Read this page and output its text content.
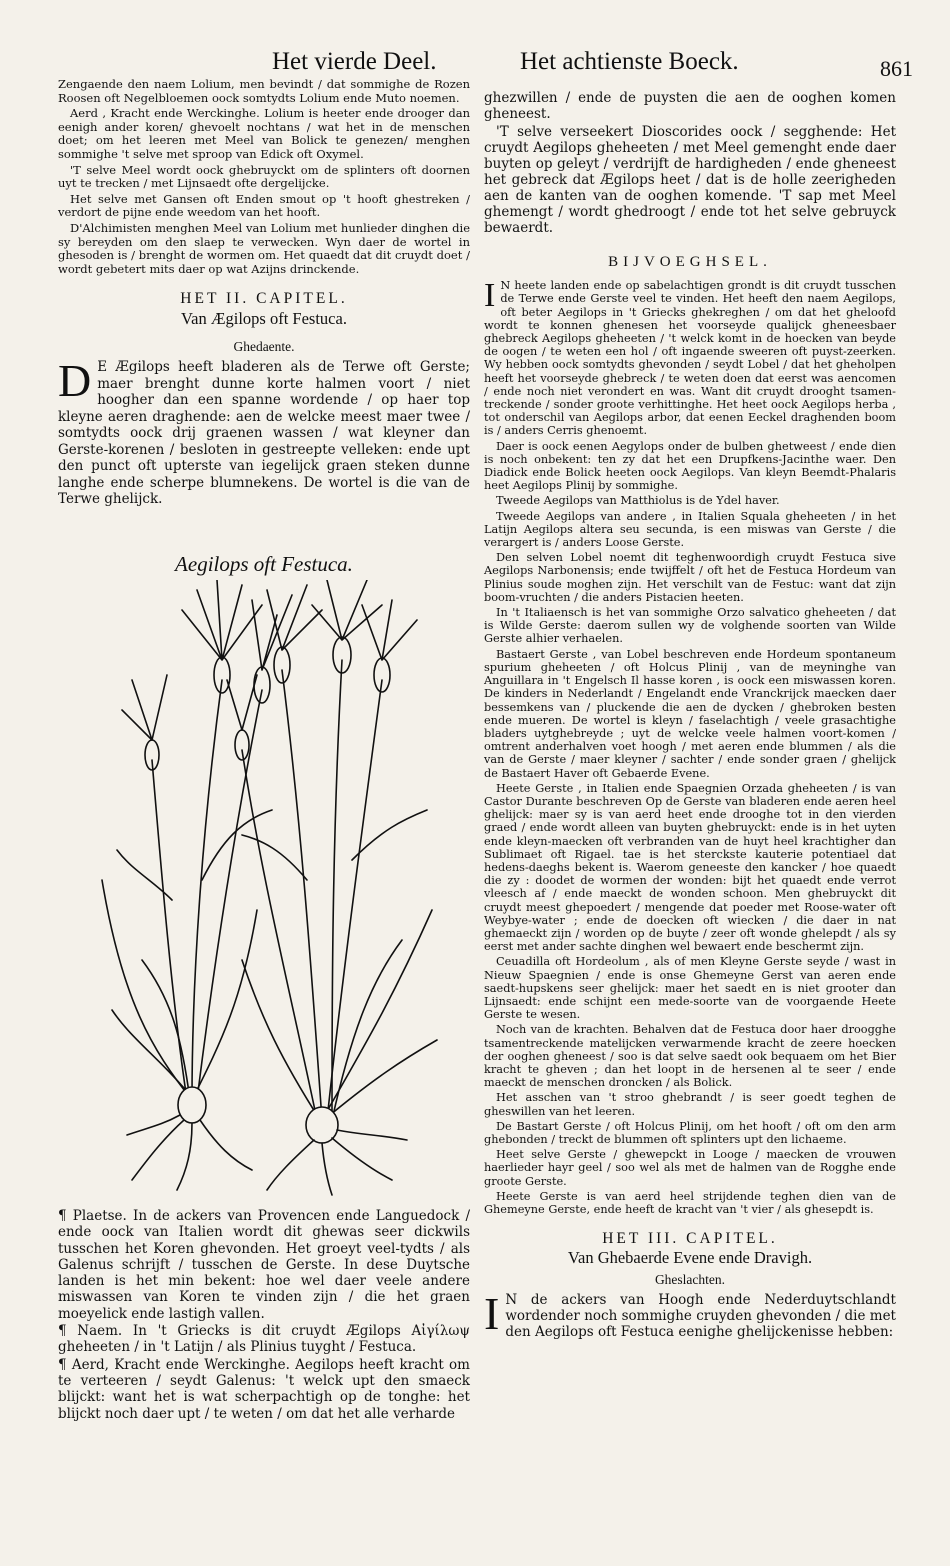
Het vierde Deel.	Het achtienste Boeck.	861

Zengaende den naem Lolium, men bevindt / dat sommighe de Rozen Roosen oft Negelbloemen oock somtydts Lolium ende Muto noemen.

Aerd , Kracht ende Werckinghe. Lolium is heeter ende drooger dan eenigh ander koren/ ghevoelt nochtans / wat het in de menschen doet; om het leeren met Meel van Bolick te genezen/ menghen sommighe 't selve met sproop van Edick oft Oxymel.

'T selve Meel wordt oock ghebruyckt om de splinters oft doornen uyt te trecken / met Lijnsaedt ofte dergelijcke.

Het selve met Gansen oft Enden smout op 't hooft ghestreken / verdort de pijne ende weedom van het hooft.

D'Alchimisten menghen Meel van Lolium met hunlieder dinghen die sy bereyden om den slaep te verwecken. Wyn daer de wortel in ghesoden is / brenght de wormen om. Het quaedt dat dit cruydt doet / wordt gebetert mits daer op wat Azijns drinckende.

HET II. CAPITEL.
Van Ægilops oft Festuca.
Ghedaente.

D E Ægilops heeft bladeren als de Terwe oft Gerste; maer brenght dunne korte halmen voort / niet hoogher dan een spanne wordende / op haer top kleyne aeren draghende: aen de welcke meest maer twee / somtydts oock drij graenen wassen / wat kleyner dan Gerste-korenen / besloten in gestreepte velleken: ende upt den punct oft upterste van iegelijck graen steken dunne langhe ende scherpe blumnekens. De wortel is die van de Terwe ghelijck.

Aegilops oft Festuca.

¶ Plaetse. In de ackers van Provencen ende Languedock / ende oock van Italien wordt dit ghewas seer dickwils tusschen het Koren ghevonden. Het groeyt veel-tydts / als Galenus schrijft / tusschen de Gerste. In dese Duytsche landen is het min bekent: hoe wel daer veele andere miswassen van Koren te vinden zijn / die het graen moeyelick ende lastigh vallen.

¶ Naem. In 't Griecks is dit cruydt Ægilops Αἰγίλωψ gheheeten / in 't Latijn / als Plinius tuyght / Festuca.

¶ Aerd, Kracht ende Werckinghe. Aegilops heeft kracht om te verteeren / seydt Galenus: 't welck upt den smaeck blijckt: want het is wat scherpachtigh op de tonghe: het blijckt noch daer upt / te weten / om dat het alle verharde

ghezwillen / ende de puysten die aen de ooghen komen gheneest.

'T selve verseekert Dioscorides oock / segghende: Het cruydt Aegilops gheheeten / met Meel gemenght ende daer buyten op geleyt / verdrijft de hardigheden / ende gheneest het gebreck dat Ægilops heet / dat is de holle zeerigheden aen de kanten van de ooghen komende. 'T sap met Meel ghemengt / wordt ghedroogt / ende tot het selve gebruyck bewaerdt.

BIJVOEGHSEL.

I N heete landen ende op sabelachtigen grondt is dit cruydt tusschen de Terwe ende Gerste veel te vinden. Het heeft den naem Aegilops, oft beter Aegilops in 't Griecks ghekreghen / om dat het gheloofd wordt te konnen ghenesen het voorseyde qualijck gheneesbaer ghebreck Aegilops gheheeten / 't welck komt in de hoecken van beyde de oogen / te weten een hol / oft ingaende sweeren oft puyst-zeerken. Wy hebben oock somtydts ghevonden / seydt Lobel / dat het gheholpen heeft het voorseyde ghebreck / te weten doen dat eerst was aencomen / ende noch niet verondert en was. Want dit cruydt drooght tsamen-treckende / sonder groote verhittinghe. Het heet oock Aegilops herba , tot onderschil van Aegilops arbor, dat eenen Eeckel draghenden boom is / anders Cerris ghenoemt.

Daer is oock eenen Aegylops onder de bulben ghetweest / ende dien is noch onbekent: ten zy dat het een Drupfkens-Jacinthe waer. Den Diadick ende Bolick heeten oock Aegilops. Van kleyn Beemdt-Phalaris heet Aegilops Plinij by sommighe.

Tweede Aegilops van Matthiolus is de Ydel haver.

Tweede Aegilops van andere , in Italien Squala gheheeten / in het Latijn Aegilops altera seu secunda, is een miswas van Gerste / die verargert is / anders Loose Gerste.

Den selven Lobel noemt dit teghenwoordigh cruydt Festuca sive Aegilops Narbonensis; ende twijffelt / oft het de Festuca Hordeum van Plinius soude moghen zijn. Het verschilt van de Festuc: want dat zijn boom-vruchten / die anders Pistacien heeten.

In 't Italiaensch is het van sommighe Orzo salvatico gheheeten / dat is Wilde Gerste: daerom sullen wy de volghende soorten van Wilde Gerste alhier verhaelen.

Bastaert Gerste , van Lobel beschreven ende Hordeum spontaneum spurium gheheeten / oft Holcus Plinij , van de meyninghe van Anguillara in 't Engelsch Il hasse koren , is oock een miswassen koren. De kinders in Nederlandt / Engelandt ende Vranckrijck maecken daer bessemkens van / pluckende die aen de dycken / ghebroken besten ende mueren. De wortel is kleyn / faselachtigh / veele grasachtighe bladers uytghebreyde ; uyt de welcke veele halmen voort-komen / omtrent anderhalven voet hoogh / met aeren ende blummen / als die van de Gerste / maer kleyner / sachter / ende sonder graen / ghelijck de Bastaert Haver oft Gebaerde Evene.

Heete Gerste , in Italien ende Spaegnien Orzada gheheeten / is van Castor Durante beschreven Op de Gerste van bladeren ende aeren heel ghelijck: maer sy is van aerd heet ende drooghe tot in den vierden graed / ende wordt alleen van buyten ghebruyckt: ende is in het uyten ende kleyn-maecken oft verbranden van de huyt heel krachtigher dan Sublimaet oft Rigael. tae is het sterckste kauterie potentiael dat hedens-daeghs bekent is. Waerom geneeste den kancker / hoe quaedt die zy : doodet de wormen der wonden: bijt het quaedt ende verrot vleesch af / ende maeckt de wonden schoon. Men ghebruyckt dit cruydt meest ghepoedert / mengende dat poeder met Roose-water oft Weybye-water ; ende de doecken oft wiecken / die daer in nat ghemaeckt zijn / worden op de buyte / zeer oft wonde ghelepdt / als sy eerst met ander sachte dinghen wel bewaert ende beschermt zijn.

Ceuadilla oft Hordeolum , als of men Kleyne Gerste seyde / wast in Nieuw Spaegnien / ende is onse Ghemeyne Gerst van aeren ende saedt-hupskens seer ghelijck: maer het saedt en is niet grooter dan Lijnsaedt: ende schijnt een mede-soorte van de voorgaende Heete Gerste te wesen.

Noch van de krachten. Behalven dat de Festuca door haer droogghe tsamentreckende matelijcken verwarmende kracht de zeere hoecken der ooghen gheneest / soo is dat selve saedt ook bequaem om het Bier kracht te gheven ; dan het loopt in de hersenen al te seer / ende maeckt de menschen droncken / als Bolick.

Het asschen van 't stroo ghebrandt / is seer goedt teghen de gheswillen van het leeren.

De Bastart Gerste / oft Holcus Plinij, om het hooft / oft om den arm ghebonden / treckt de blummen oft splinters upt den lichaeme.

Heet selve Gerste / ghewepckt in Looge / maecken de vrouwen haerlieder hayr geel / soo wel als met de halmen van de Rogghe ende groote Gerste.

Heete Gerste is van aerd heel strijdende teghen dien van de Ghemeyne Gerste, ende heeft de kracht van 't vier / als ghesepdt is.

HET III. CAPITEL.
Van Ghebaerde Evene ende Dravigh.
Gheslachten.

I N de ackers van Hoogh ende Nederduytschlandt wordender noch sommighe cruyden ghevonden / die met den Aegilops oft Festuca eenighe ghelijckenisse hebben:
